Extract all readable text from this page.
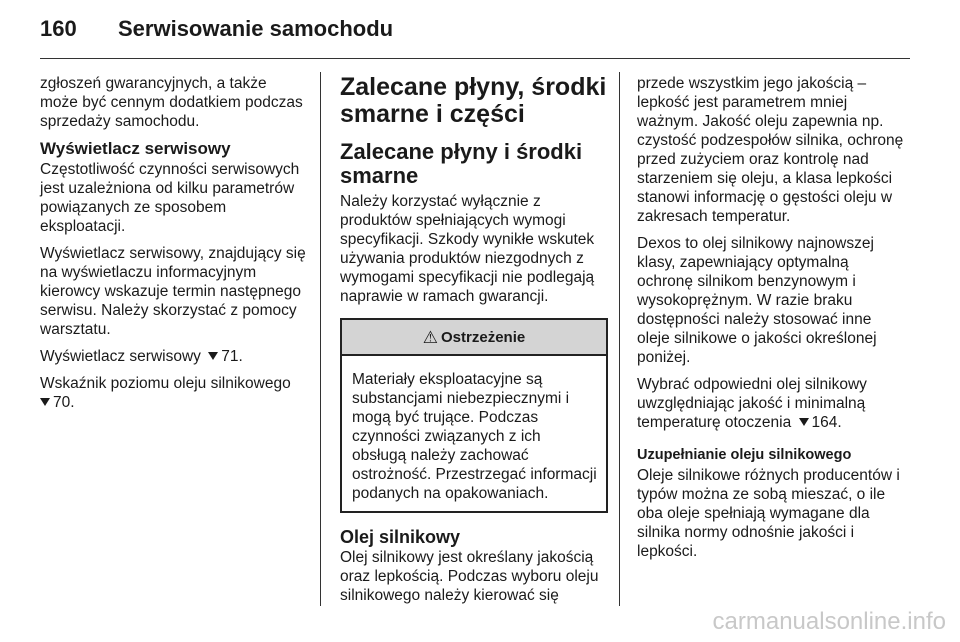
160 Serwisowanie samochodu

zgłoszeń gwarancyjnych, a także może być cennym dodatkiem podczas sprzedaży samochodu.

Wyświetlacz serwisowy

Częstotliwość czynności serwisowych jest uzależniona od kilku parametrów powiązanych ze sposobem eksploatacji.

Wyświetlacz serwisowy, znajdujący się na wyświetlaczu informacyjnym kierowcy wskazuje termin następnego serwisu. Należy skorzystać z pomocy warsztatu.

Wyświetlacz serwisowy 71.

Wskaźnik poziomu oleju silnikowego
70.

Zalecane płyny, środki smarne i części
Zalecane płyny i środki smarne

Należy korzystać wyłącznie z produktów spełniających wymogi specyfikacji. Szkody wynikłe wskutek używania produktów niezgodnych z wymogami specyfikacji nie podlegają naprawie w ramach gwarancji.

⚠ Ostrzeżenie
Materiały eksploatacyjne są substancjami niebezpiecznymi i mogą być trujące. Podczas czynności związanych z ich obsługą należy zachować ostrożność. Przestrzegać informacji podanych na opakowaniach.
Olej silnikowy

Olej silnikowy jest określany jakością oraz lepkością. Podczas wyboru oleju silnikowego należy kierować się

przede wszystkim jego jakością – lepkość jest parametrem mniej ważnym. Jakość oleju zapewnia np. czystość podzespołów silnika, ochronę przed zużyciem oraz kontrolę nad starzeniem się oleju, a klasa lepkości stanowi informację o gęstości oleju w zakresach temperatur.

Dexos to olej silnikowy najnowszej klasy, zapewniający optymalną ochronę silnikom benzynowym i wysokoprężnym. W razie braku dostępności należy stosować inne oleje silnikowe o jakości określonej poniżej.

Wybrać odpowiedni olej silnikowy uwzględniając jakość i minimalną temperaturę otoczenia 164.

Uzupełnianie oleju silnikowego

Oleje silnikowe różnych producentów i typów można ze sobą mieszać, o ile oba oleje spełniają wymagane dla silnika normy odnośnie jakości i lepkości.

carmanualsonline.info
